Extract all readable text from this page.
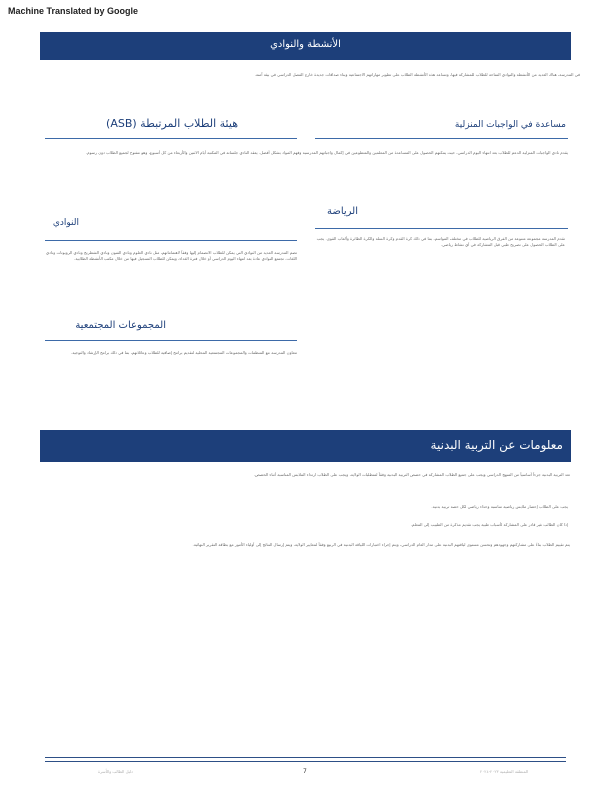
Machine Translated by Google
الأنشطة والنوادي
في المدرسة، هناك العديد من الأنشطة والنوادي المتاحة للطلاب للمشاركة فيها، وتساعد هذه الأنشطة الطلاب على تطوير مهاراتهم الاجتماعية وبناء صداقات جديدة خارج الفصل الدراسي في بيئة آمنة.
مساعدة في الواجبات المنزلية
هيئة الطلاب المرتبطة (ASB)
يقدم نادي الواجبات المنزلية الدعم للطلاب بعد انتهاء اليوم الدراسي، حيث يمكنهم الحصول على المساعدة من المعلمين والمتطوعين في إكمال واجباتهم المدرسية وفهم المواد بشكل أفضل. يعقد النادي جلساته في المكتبة أيام الاثنين والأربعاء من كل أسبوع، وهو مفتوح لجميع الطلاب دون رسوم.
الرياضة
تقدم المدرسة مجموعة متنوعة من الفرق الرياضية للطلاب في مختلف المواسم، بما في ذلك كرة القدم وكرة السلة والكرة الطائرة وألعاب القوى. يجب على الطلاب الحصول على تصريح طبي قبل المشاركة في أي نشاط رياضي.
النوادي
تضم المدرسة العديد من النوادي التي يمكن للطلاب الانضمام إليها وفقاً لاهتماماتهم، مثل نادي العلوم ونادي الفنون ونادي الشطرنج ونادي الروبوتات ونادي اللغات. تجتمع النوادي عادة بعد انتهاء اليوم الدراسي أو خلال فترة الغداء، ويمكن للطلاب التسجيل فيها من خلال مكتب الأنشطة الطلابية.
المجموعات المجتمعية
تتعاون المدرسة مع المنظمات والمجموعات المجتمعية المحلية لتقديم برامج إضافية للطلاب وعائلاتهم، بما في ذلك برامج الإرشاد والتوجيه.
معلومات عن التربية البدنية
تعد التربية البدنية جزءاً أساسياً من المنهج الدراسي ويجب على جميع الطلاب المشاركة في حصص التربية البدنية وفقاً لمتطلبات الولاية، ويجب على الطلاب ارتداء الملابس المناسبة أثناء الحصص.
يجب على الطلاب إحضار ملابس رياضية مناسبة وحذاء رياضي لكل حصة تربية بدنية.
إذا كان الطالب غير قادر على المشاركة لأسباب طبية يجب تقديم مذكرة من الطبيب إلى المعلم.
يتم تقييم الطلاب بناءً على مشاركتهم وجهودهم وتحسن مستوى لياقتهم البدنية على مدار العام الدراسي، ويتم إجراء اختبارات اللياقة البدنية في الربيع وفقاً لمعايير الولاية، ويتم إرسال النتائج إلى أولياء الأمور مع بطاقة التقرير النهائية.
دليل الطالب والأسرة	7	المنطقة التعليمية ٢٠٢٣-٢٠٢٤
